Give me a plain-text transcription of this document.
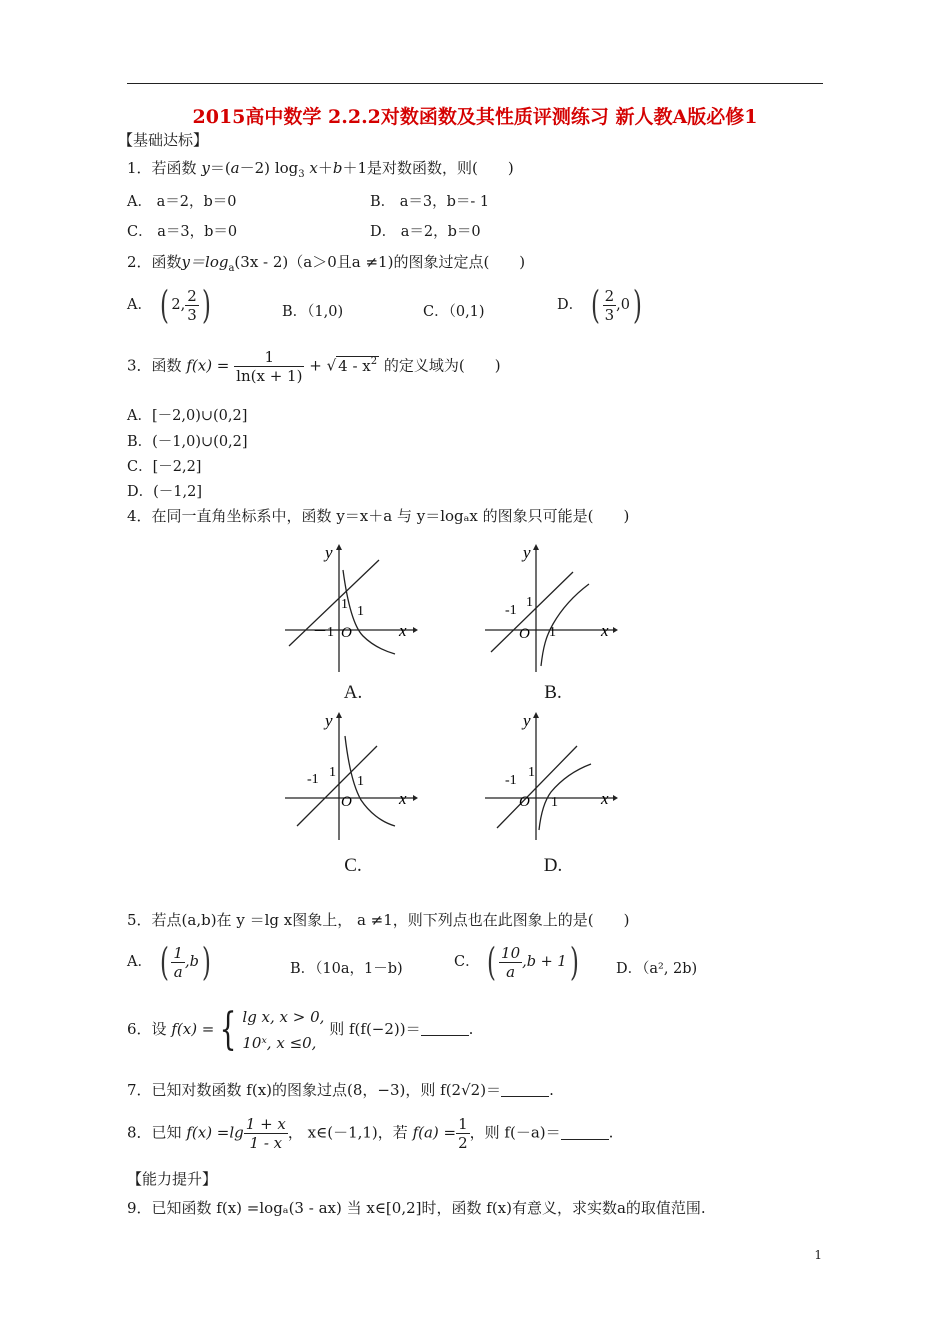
2015高中数学 2.2.2对数函数及其性质评测练习 新人教A版必修1
【基础达标】
1．若函数 y＝(a－2) $\log_3 x+b+1$是对数函数，则(　　)
A． a＝2，b＝0	B． a＝3，b＝- 1
C． a＝3，b＝0	D． a＝2，b＝0
2．函数$y=\log_a(3x - 2)(a>0$且a ≠1)的图象过定点(　　)
A． ( 2, $\frac{2}{3}$ )	B．（1,0)	C．（0,1)	D． ( $\frac{2}{3} ,0$)
3．函数 $f(x) = \frac{1}{\ln(x + 1)}$ + √ $4 - x^2$ 的定义域为(　　)
A．[－2,0)∪(0,2]
B．(－1,0)∪(0,2]
C．[－2,2]
D．(－1,2]
4．在同一直角坐标系中，函数 y＝x＋a 与 y＝logₐx 的图象只可能是(　　)
y
x
O
－1
1
1
A.
y
x
O
-1
1
1
B.
y
x
O
-1	1
1
C.
y
x
O
-1
1
1
D.
5．若点(a,b)在 y ＝lg x图象上， a ≠1，则下列点也在此图象上的是(　　)
A． ( $\frac{1}{a} ,b$)	B．（10a，1－b)	C． ( $\frac{10}{a} ,b + 1$)	D．（a², 2b)
6．设 f(x) = { lg x, x > 0,
10ˣ, x ≤0,
则 f(f(−2))＝	.
7．已知对数函数 f(x)的图象过点(8，−3)，则 f(2√2)＝	.
8．已知 $f(x) =\lg \frac{1 + x}{1 - x}$ ， x∈(－1,1)，若 $f(a) = \frac{1}{2}$ ，则 f(－a)＝	.
【能力提升】
9．已知函数 f(x) =logₐ(3 - ax) 当 x∈[0,2]时，函数 f(x)有意义，求实数a的取值范围.
1
